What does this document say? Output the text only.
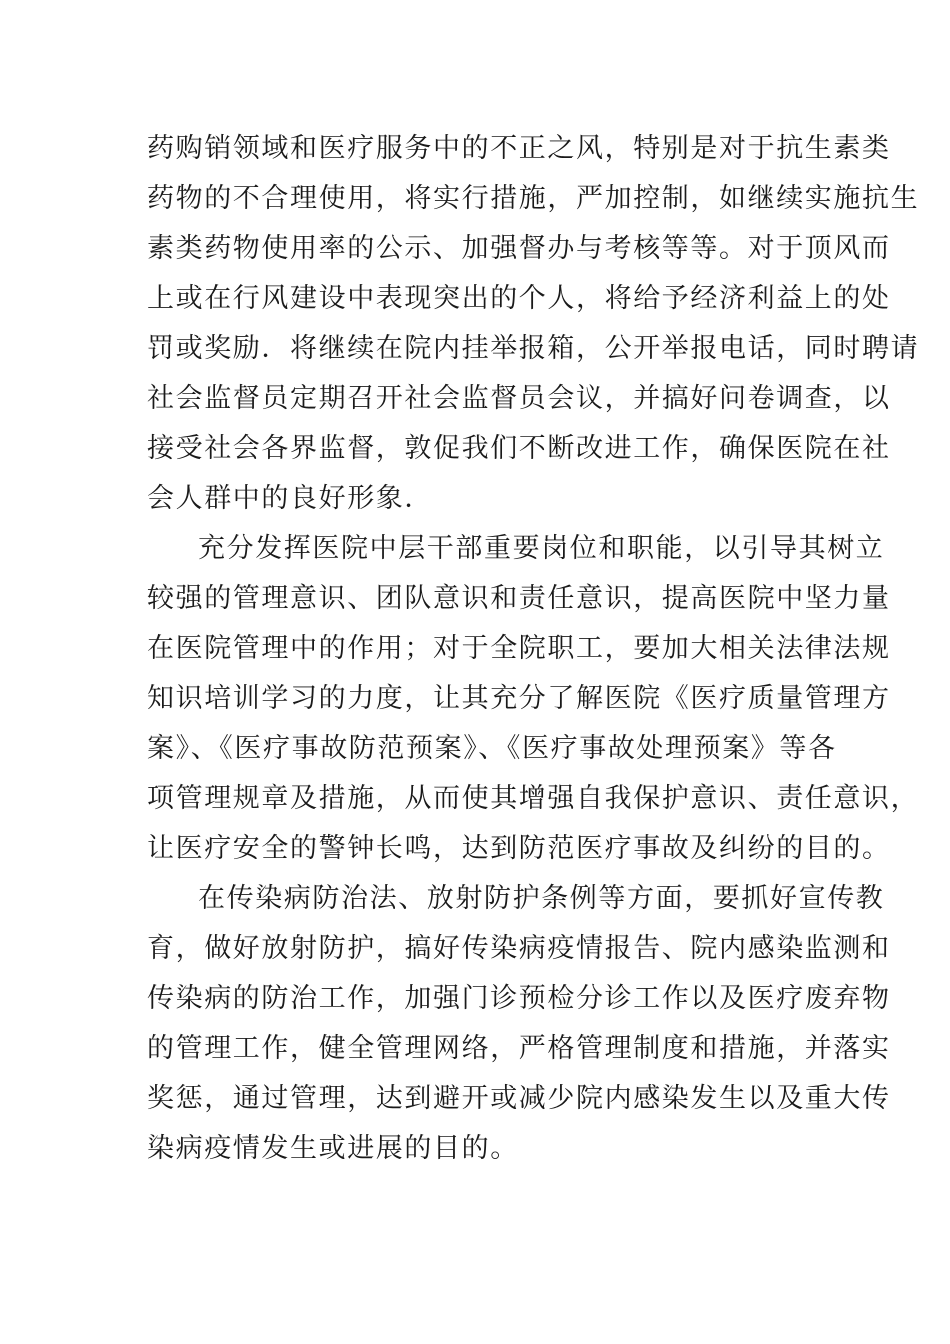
药购销领域和医疗服务中的不正之风，特别是对于抗生素类
药物的不合理使用，将实行措施，严加控制，如继续实施抗生
素类药物使用率的公示、加强督办与考核等等。对于顶风而
上或在行风建设中表现突出的个人，将给予经济利益上的处
罚或奖励．将继续在院内挂举报箱，公开举报电话，同时聘请
社会监督员定期召开社会监督员会议，并搞好问卷调查，以
接受社会各界监督，敦促我们不断改进工作，确保医院在社
会人群中的良好形象．
充分发挥医院中层干部重要岗位和职能，以引导其树立
较强的管理意识、团队意识和责任意识，提高医院中坚力量
在医院管理中的作用；对于全院职工，要加大相关法律法规
知识培训学习的力度，让其充分了解医院《医疗质量管理方
案》、《医疗事故防范预案》、《医疗事故处理预案》等各
项管理规章及措施，从而使其增强自我保护意识、责任意识，
让医疗安全的警钟长鸣，达到防范医疗事故及纠纷的目的。
在传染病防治法、放射防护条例等方面，要抓好宣传教
育，做好放射防护，搞好传染病疫情报告、院内感染监测和
传染病的防治工作，加强门诊预检分诊工作以及医疗废弃物
的管理工作，健全管理网络，严格管理制度和措施，并落实
奖惩，通过管理，达到避开或减少院内感染发生以及重大传
染病疫情发生或进展的目的。
